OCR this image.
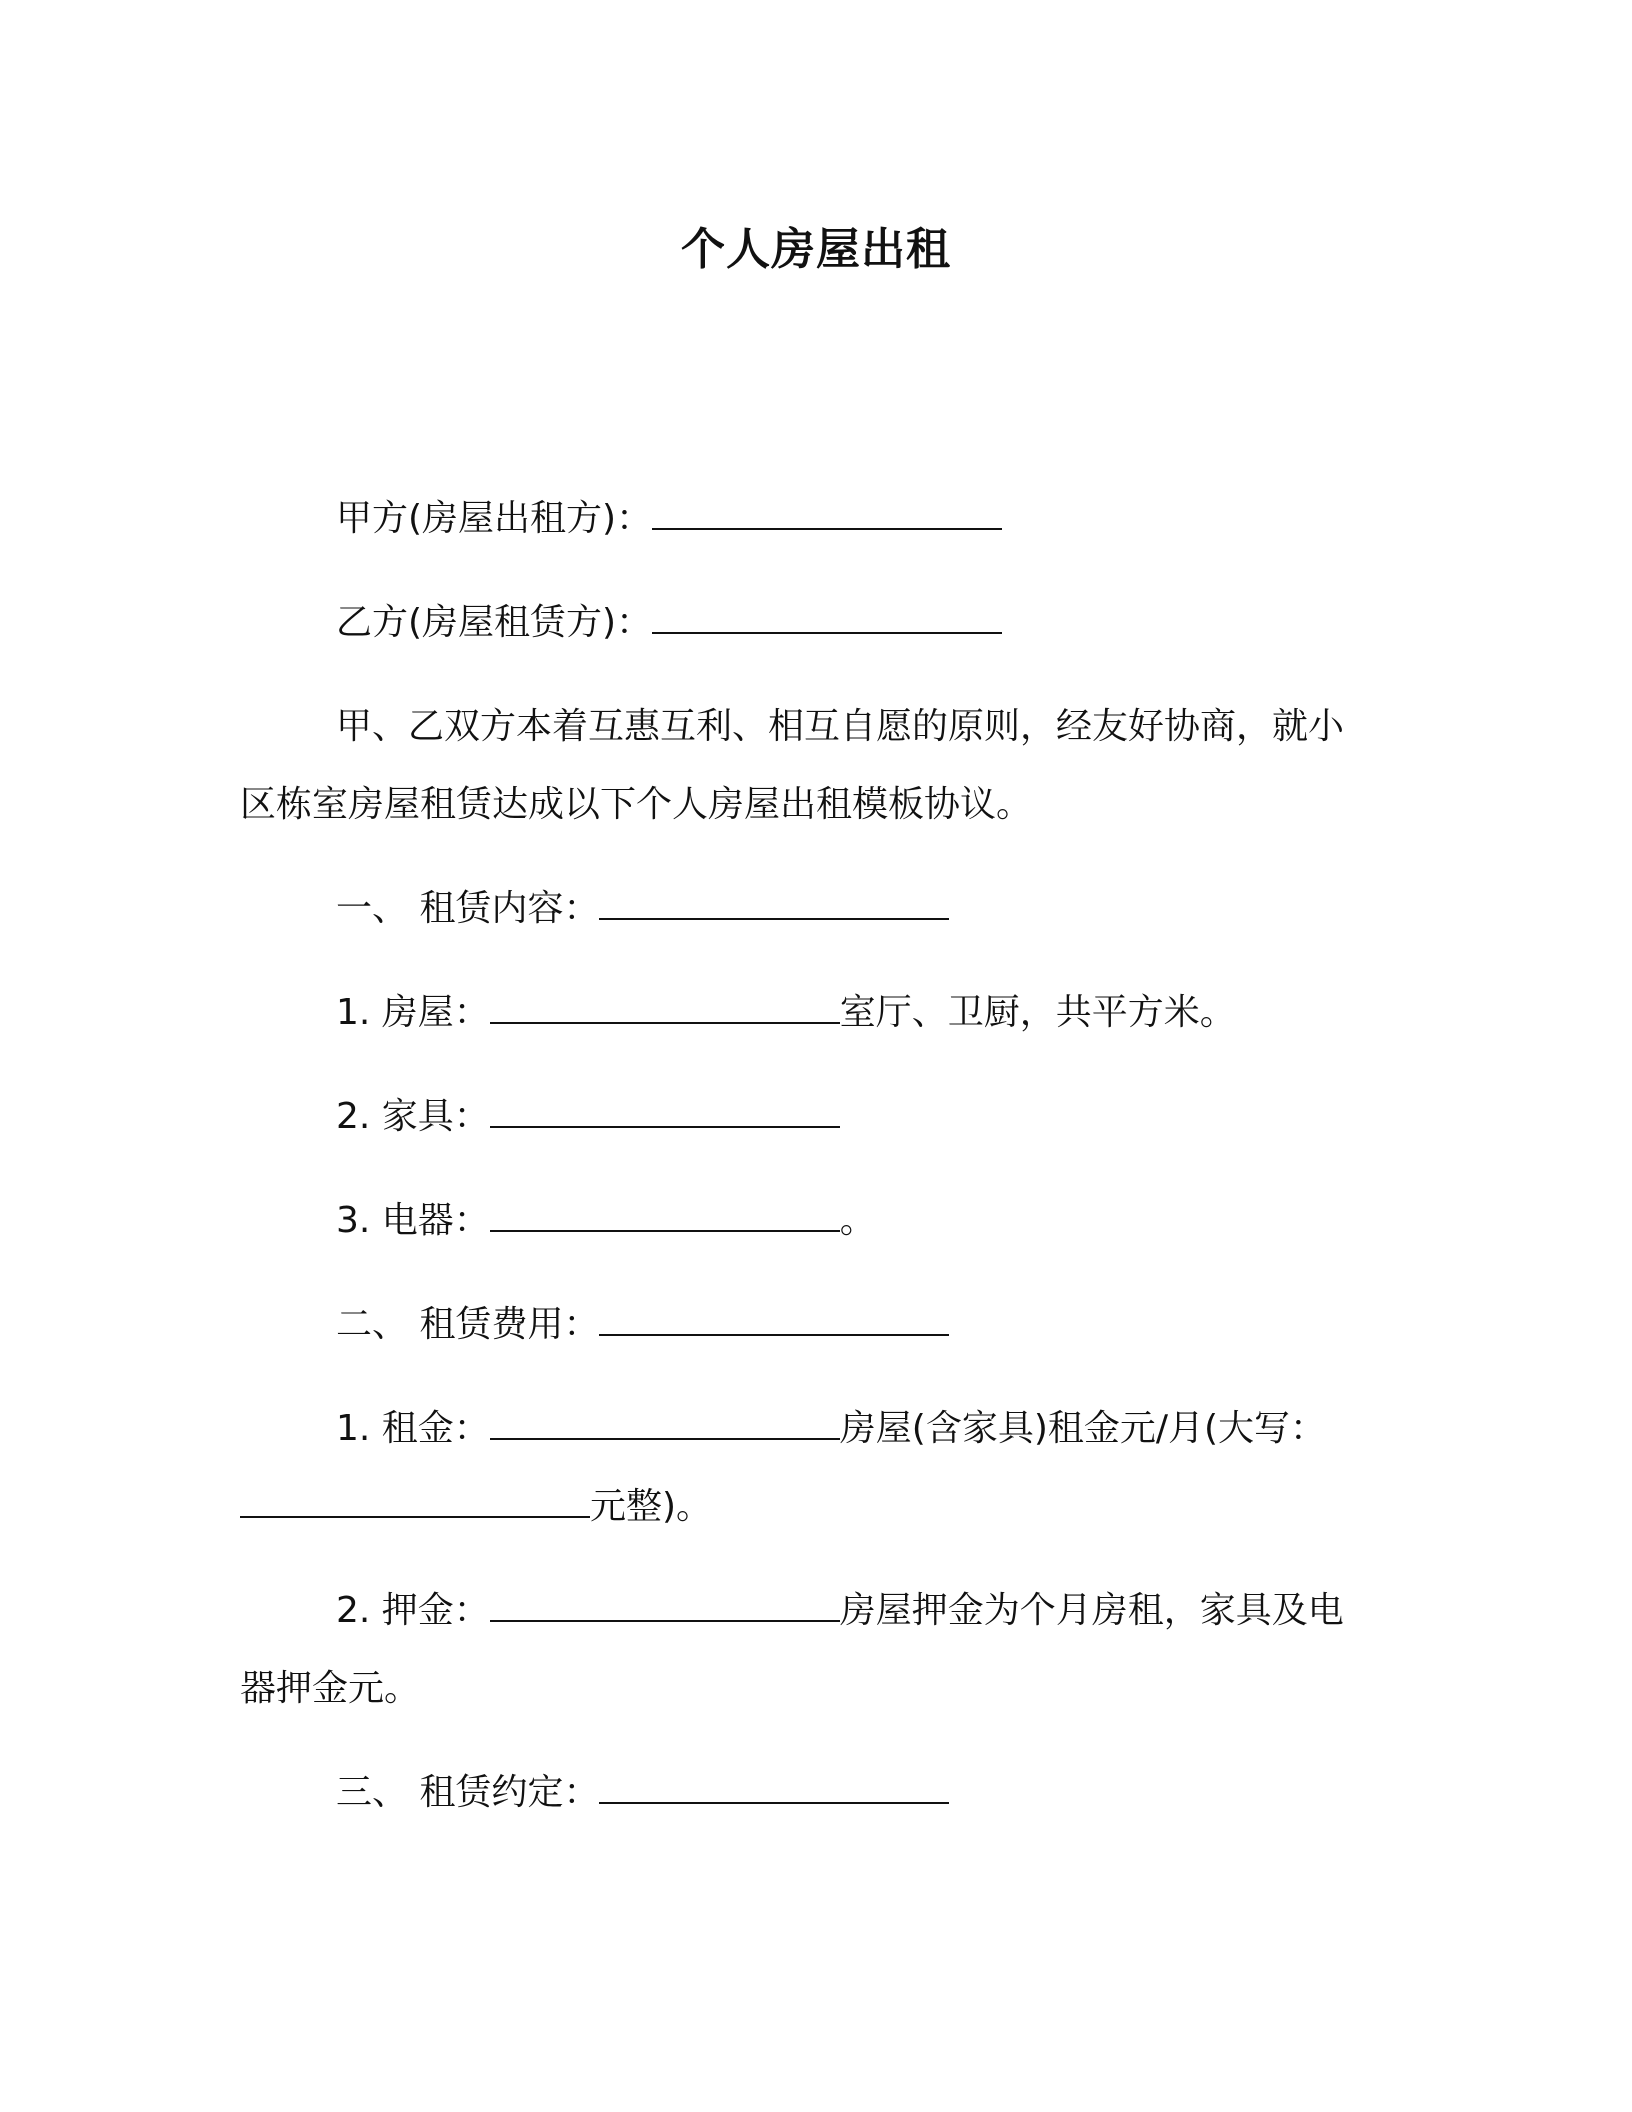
个人房屋出租
甲方(房屋出租方)：
乙方(房屋租赁方)：
甲、乙双方本着互惠互利、相互自愿的原则，经友好协商，就小
区栋室房屋租赁达成以下个人房屋出租模板协议。
一、 租赁内容：
1. 房屋：	室厅、卫厨，共平方米。
2. 家具：
3. 电器：	。
二、 租赁费用：
1. 租金：	房屋(含家具)租金元/月(大写：
元整)。
2. 押金：	房屋押金为个月房租，家具及电
器押金元。
三、 租赁约定：
